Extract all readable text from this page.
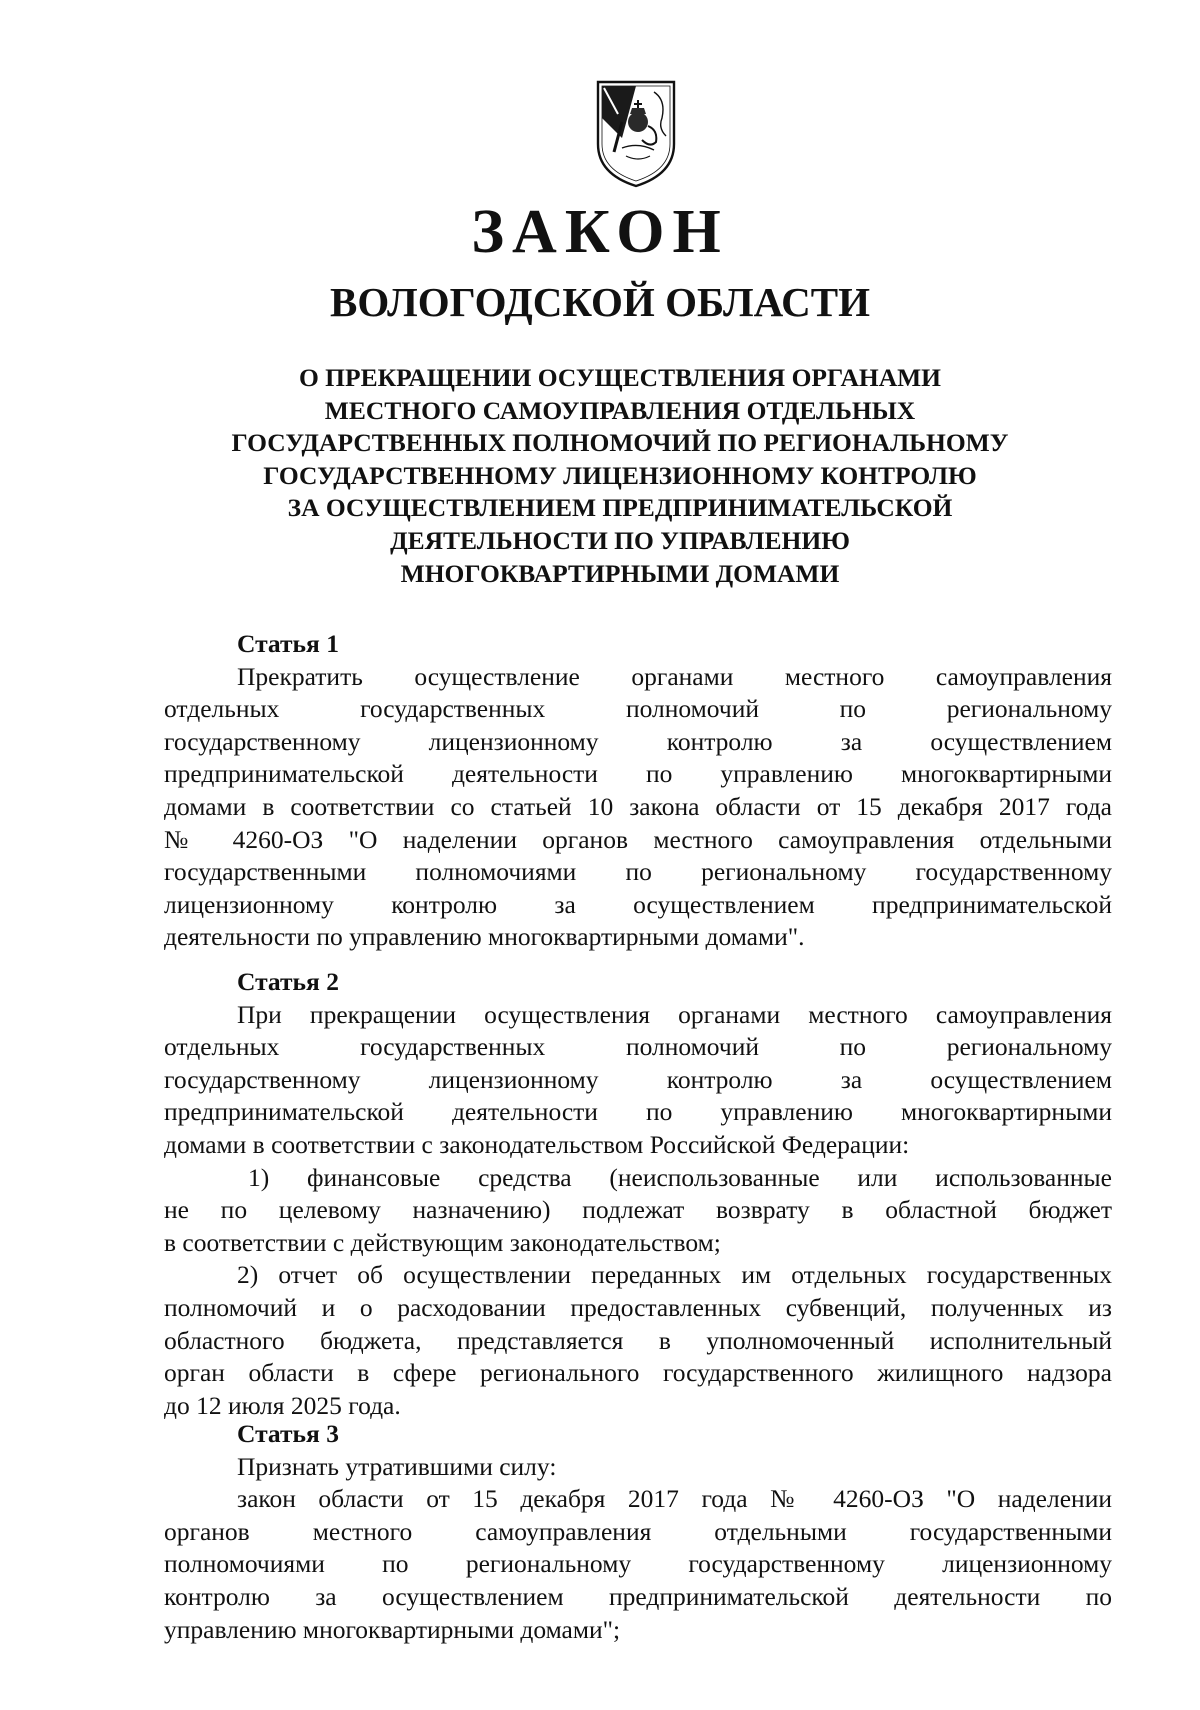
ЗАКОН
ВОЛОГОДСКОЙ ОБЛАСТИ
О ПРЕКРАЩЕНИИ ОСУЩЕСТВЛЕНИЯ ОРГАНАМИ
МЕСТНОГО САМОУПРАВЛЕНИЯ ОТДЕЛЬНЫХ
ГОСУДАРСТВЕННЫХ ПОЛНОМОЧИЙ ПО РЕГИОНАЛЬНОМУ
ГОСУДАРСТВЕННОМУ ЛИЦЕНЗИОННОМУ КОНТРОЛЮ
ЗА ОСУЩЕСТВЛЕНИЕМ ПРЕДПРИНИМАТЕЛЬСКОЙ
ДЕЯТЕЛЬНОСТИ ПО УПРАВЛЕНИЮ
МНОГОКВАРТИРНЫМИ ДОМАМИ
Статья 1
Прекратить осуществление органами местного самоуправления
отдельных государственных полномочий по региональному
государственному лицензионному контролю за осуществлением
предпринимательской деятельности по управлению многоквартирными
домами в соответствии со статьей 10 закона области от 15 декабря 2017 года
№ 4260-ОЗ "О наделении органов местного самоуправления отдельными
государственными полномочиями по региональному государственному
лицензионному контролю за осуществлением предпринимательской
деятельности по управлению многоквартирными домами".
Статья 2
При прекращении осуществления органами местного самоуправления
отдельных государственных полномочий по региональному
государственному лицензионному контролю за осуществлением
предпринимательской деятельности по управлению многоквартирными
домами в соответствии с законодательством Российской Федерации:
1) финансовые средства (неиспользованные или использованные
не по целевому назначению) подлежат возврату в областной бюджет
в соответствии с действующим законодательством;
2) отчет об осуществлении переданных им отдельных государственных
полномочий и о расходовании предоставленных субвенций, полученных из
областного бюджета, представляется в уполномоченный исполнительный
орган области в сфере регионального государственного жилищного надзора
до 12 июля 2025 года.
Статья 3
Признать утратившими силу:
закон области от 15 декабря 2017 года № 4260-ОЗ "О наделении
органов местного самоуправления отдельными государственными
полномочиями по региональному государственному лицензионному
контролю за осуществлением предпринимательской деятельности по
управлению многоквартирными домами";
